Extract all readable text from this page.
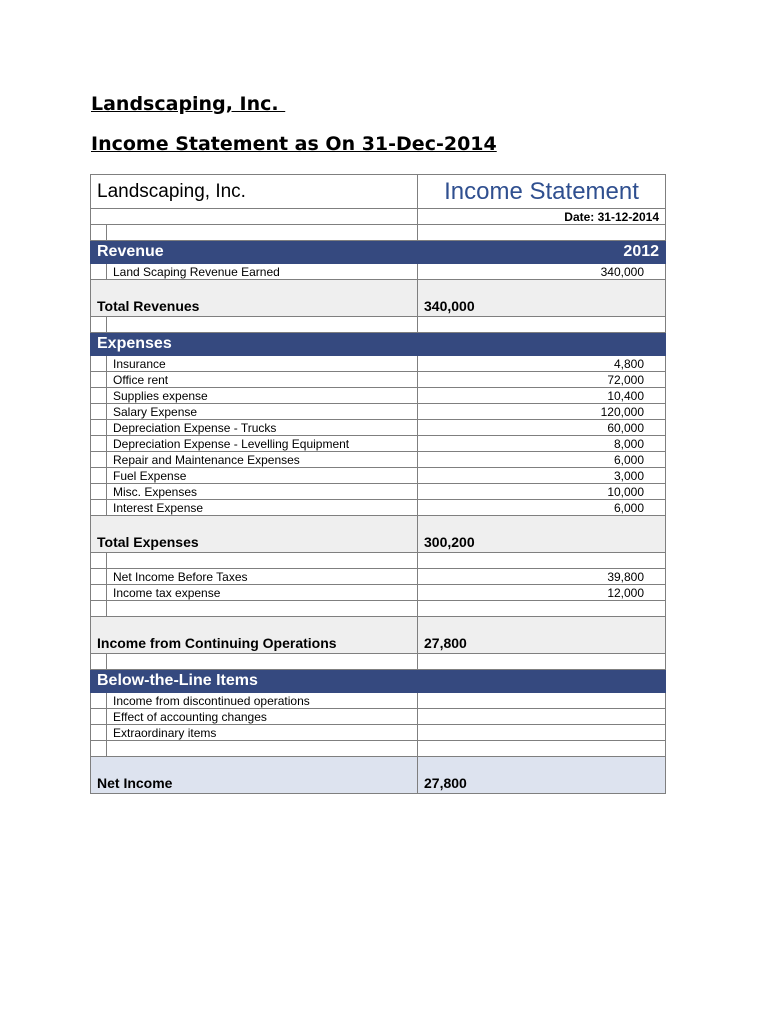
Landscaping, Inc.
Income Statement as On 31-Dec-2014
Landscaping, Inc.		Income Statement
		Date: 31-12-2014

Revenue		2012
	Land Scaping Revenue Earned	340,000
Total Revenues		340,000

Expenses		
	Insurance	4,800
	Office rent	72,000
	Supplies expense	10,400
	Salary Expense	120,000
	Depreciation Expense - Trucks	60,000
	Depreciation Expense - Levelling Equipment	8,000
	Repair and Maintenance Expenses	6,000
	Fuel Expense	3,000
	Misc. Expenses	10,000
	Interest Expense	6,000
Total Expenses		300,200

	Net Income Before Taxes	39,800
	Income tax expense	12,000

Income from Continuing Operations		27,800

Below-the-Line Items		
	Income from discontinued operations	
	Effect of accounting changes	
	Extraordinary items	

Net Income		27,800
